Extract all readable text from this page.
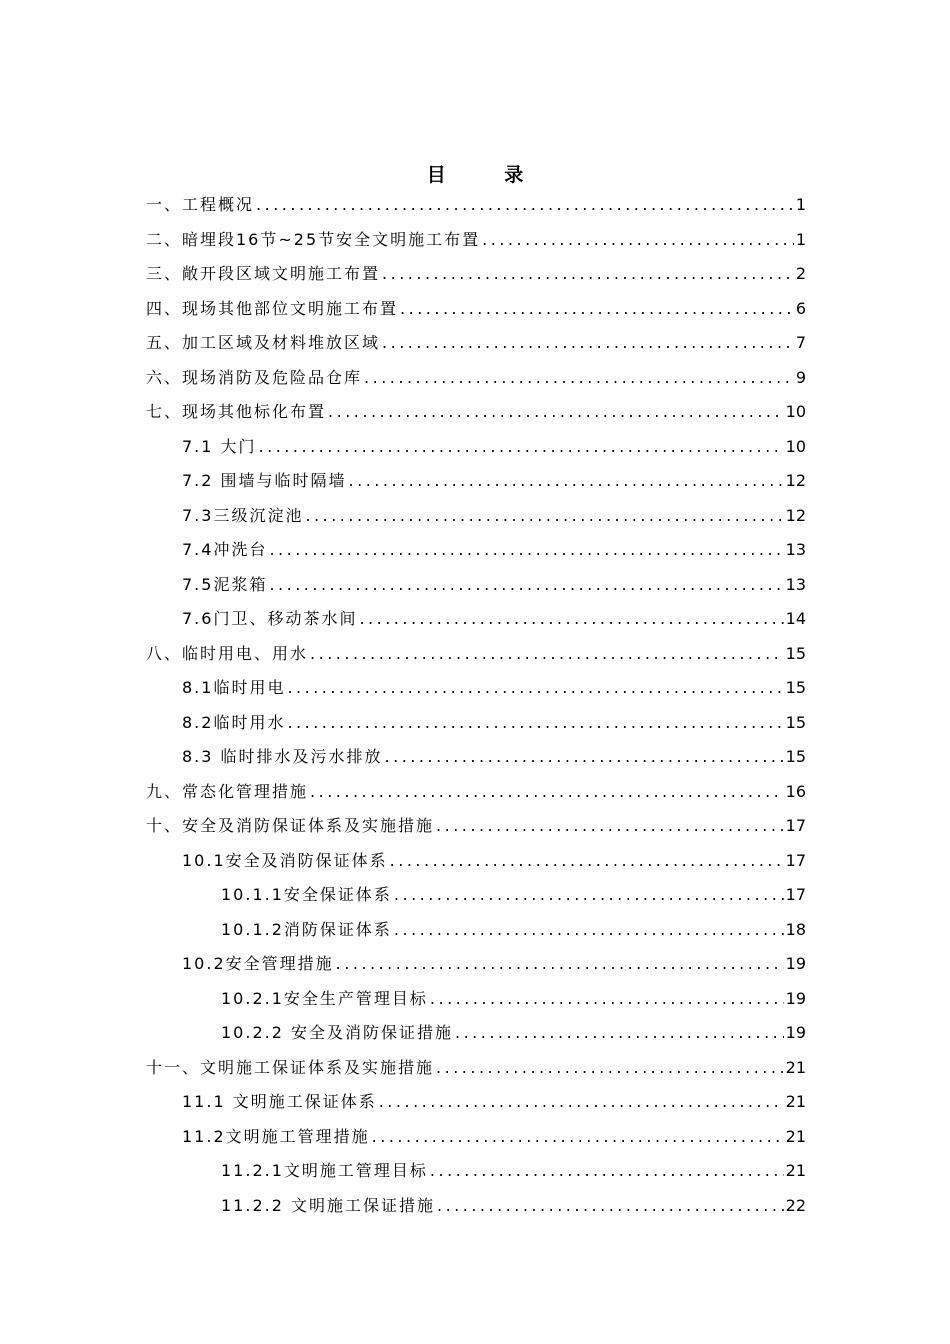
目 录
一、工程概况 .....	1
二、暗埋段16节~25节安全文明施工布置 .....	1
三、敞开段区域文明施工布置 .....	2
四、现场其他部位文明施工布置 .....	6
五、加工区域及材料堆放区域 .....	7
六、现场消防及危险品仓库 .....	9
七、现场其他标化布置 .....	10
7.1 大门 .....	10
7.2 围墙与临时隔墙 .....	12
7.3三级沉淀池 .....	12
7.4冲洗台 .....	13
7.5泥浆箱 .....	13
7.6门卫、移动茶水间 .....	14
八、临时用电、用水 .....	15
8.1临时用电 .....	15
8.2临时用水 .....	15
8.3 临时排水及污水排放 .....	15
九、常态化管理措施 .....	16
十、安全及消防保证体系及实施措施 .....	17
10.1安全及消防保证体系 .....	17
10.1.1安全保证体系 .....	17
10.1.2消防保证体系 .....	18
10.2安全管理措施 .....	19
10.2.1安全生产管理目标 .....	19
10.2.2 安全及消防保证措施 .....	19
十一、文明施工保证体系及实施措施 .....	21
11.1 文明施工保证体系 .....	21
11.2文明施工管理措施 .....	21
11.2.1文明施工管理目标 .....	21
11.2.2 文明施工保证措施 .....	22
